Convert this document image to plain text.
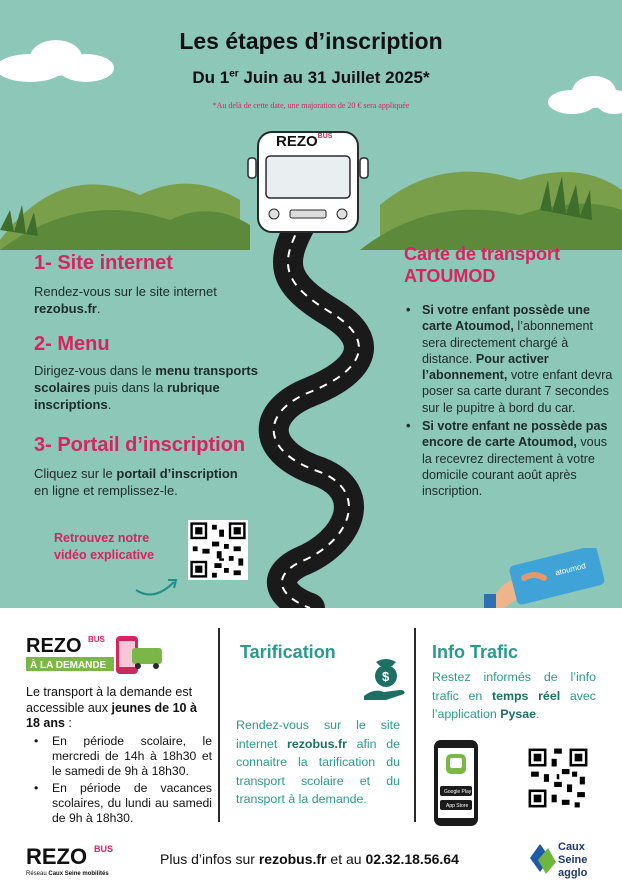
Les étapes d’inscription
Du 1er Juin au 31 Juillet 2025*
*Au delà de cette date, une majoration de 20 € sera appliquée
$REZO^{BUS}$
1- Site internet
Rendez-vous sur le site internet rezobus.fr.
2- Menu
Dirigez-vous dans le menu transports scolaires puis dans la rubrique inscriptions.
3- Portail d’inscription
Cliquez sur le portail d’inscription en ligne et remplissez-le.
Retrouvez notre vidéo explicative
Carte de transport
ATOUMOD
• Si votre enfant possède une carte Atoumod, l’abonnement sera directement chargé à distance. Pour activer l’abonnement, votre enfant devra poser sa carte durant 7 secondes sur le pupitre à bord du car.
• Si votre enfant ne possède pas encore de carte Atoumod, vous la recevrez directement à votre domicile courant août après inscription.
atoumod
REZO BUS
À LA DEMANDE
Le transport à la demande est accessible aux jeunes de 10 à 18 ans :
• En période scolaire, le mercredi de 14h à 18h30 et le samedi de 9h à 18h30.
• En période de vacances scolaires, du lundi au samedi de 9h à 18h30.
Tarification
$
Rendez-vous sur le site internet rezobus.fr afin de connaitre la tarification du transport scolaire et du transport à la demande.
Info Trafic
Restez informés de l’info trafic en temps réel avec l’application Pysae.
Google Play
App Store
REZO BUS
Réseau Caux Seine mobilités
Plus d’infos sur rezobus.fr et au 02.32.18.56.64
Caux
Seine
agglo
